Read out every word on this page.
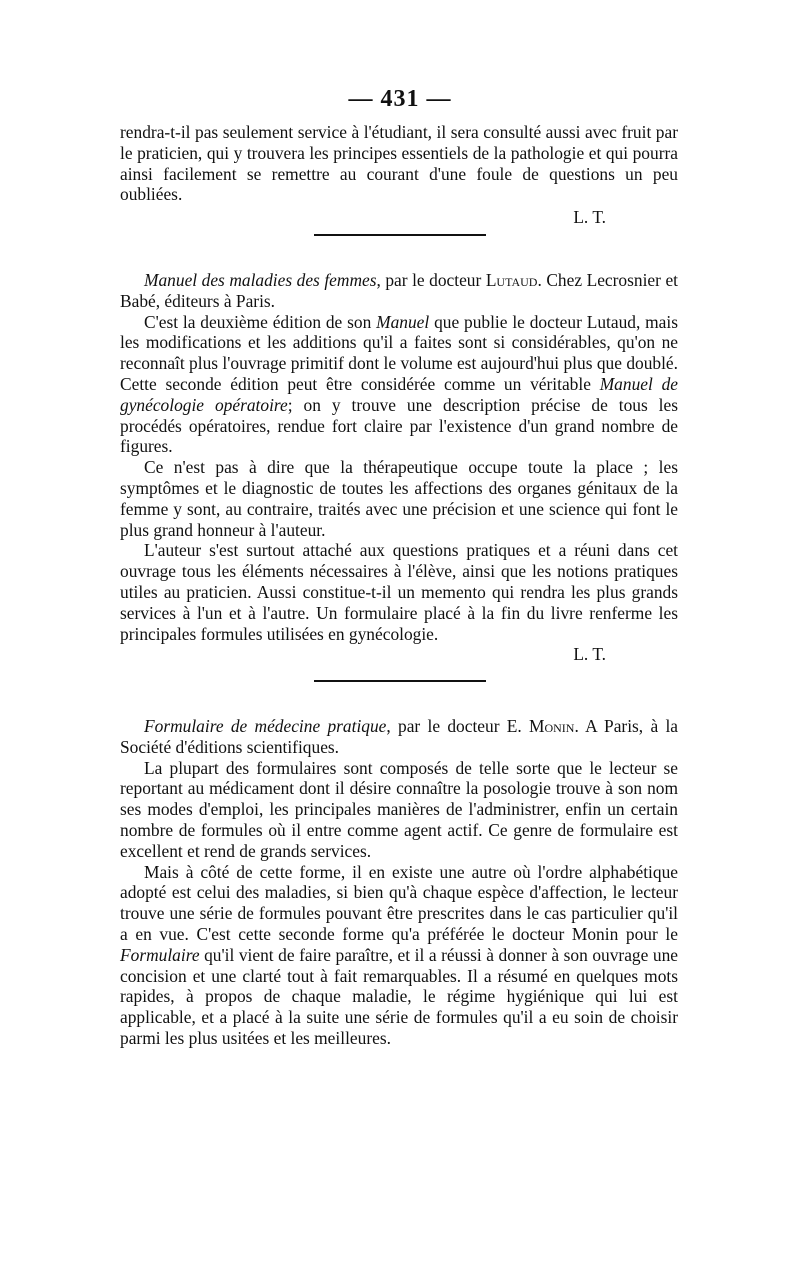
— 431 —

rendra-t-il pas seulement service à l'étudiant, il sera consulté aussi avec fruit par le praticien, qui y trouvera les principes essentiels de la pathologie et qui pourra ainsi facilement se remettre au courant d'une foule de questions un peu oubliées.

L. T.

Manuel des maladies des femmes, par le docteur Lutaud. Chez Lecrosnier et Babé, éditeurs à Paris.

C'est la deuxième édition de son Manuel que publie le docteur Lutaud, mais les modifications et les additions qu'il a faites sont si considérables, qu'on ne reconnaît plus l'ouvrage primitif dont le volume est aujourd'hui plus que doublé. Cette seconde édition peut être considérée comme un véritable Manuel de gynécologie opératoire; on y trouve une description précise de tous les procédés opératoires, rendue fort claire par l'existence d'un grand nombre de figures.

Ce n'est pas à dire que la thérapeutique occupe toute la place ; les symptômes et le diagnostic de toutes les affections des organes génitaux de la femme y sont, au contraire, traités avec une précision et une science qui font le plus grand honneur à l'auteur.

L'auteur s'est surtout attaché aux questions pratiques et a réuni dans cet ouvrage tous les éléments nécessaires à l'élève, ainsi que les notions pratiques utiles au praticien. Aussi constitue-t-il un memento qui rendra les plus grands services à l'un et à l'autre. Un formulaire placé à la fin du livre renferme les principales formules utilisées en gynécologie.

L. T.

Formulaire de médecine pratique, par le docteur E. Monin. A Paris, à la Société d'éditions scientifiques.

La plupart des formulaires sont composés de telle sorte que le lecteur se reportant au médicament dont il désire connaître la posologie trouve à son nom ses modes d'emploi, les principales manières de l'administrer, enfin un certain nombre de formules où il entre comme agent actif. Ce genre de formulaire est excellent et rend de grands services.

Mais à côté de cette forme, il en existe une autre où l'ordre alphabétique adopté est celui des maladies, si bien qu'à chaque espèce d'affection, le lecteur trouve une série de formules pouvant être prescrites dans le cas particulier qu'il a en vue. C'est cette seconde forme qu'a préférée le docteur Monin pour le Formulaire qu'il vient de faire paraître, et il a réussi à donner à son ouvrage une concision et une clarté tout à fait remarquables. Il a résumé en quelques mots rapides, à propos de chaque maladie, le régime hygiénique qui lui est applicable, et a placé à la suite une série de formules qu'il a eu soin de choisir parmi les plus usitées et les meilleures.
